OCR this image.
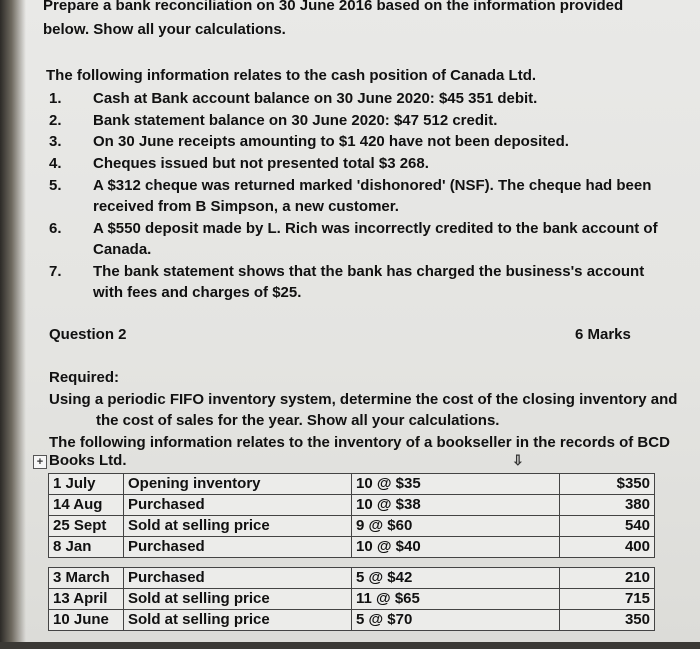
Prepare a bank reconciliation on 30 June 2016 based on the information provided
below. Show all your calculations.
The following information relates to the cash position of Canada Ltd.
1. Cash at Bank account balance on 30 June 2020: $45 351 debit.
2. Bank statement balance on 30 June 2020: $47 512 credit.
3. On 30 June receipts amounting to $1 420 have not been deposited.
4. Cheques issued but not presented total $3 268.
5. A $312 cheque was returned marked 'dishonored' (NSF). The cheque had been
received from B Simpson, a new customer.
6. A $550 deposit made by L. Rich was incorrectly credited to the bank account of
Canada.
7. The bank statement shows that the bank has charged the business's account
with fees and charges of $25.
Question 2	6 Marks
Required:
Using a periodic FIFO inventory system, determine the cost of the closing inventory and
the cost of sales for the year. Show all your calculations.
The following information relates to the inventory of a bookseller in the records of BCD
+ Books Ltd.	⇩
1 July	Opening inventory	10 @ $35	$350
14 Aug	Purchased	10 @ $38	380
25 Sept	Sold at selling price	9 @ $60	540
8 Jan	Purchased	10 @ $40	400
3 March	Purchased	5 @ $42	210
13 April	Sold at selling price	11 @ $65	715
10 June	Sold at selling price	5 @ $70	350
